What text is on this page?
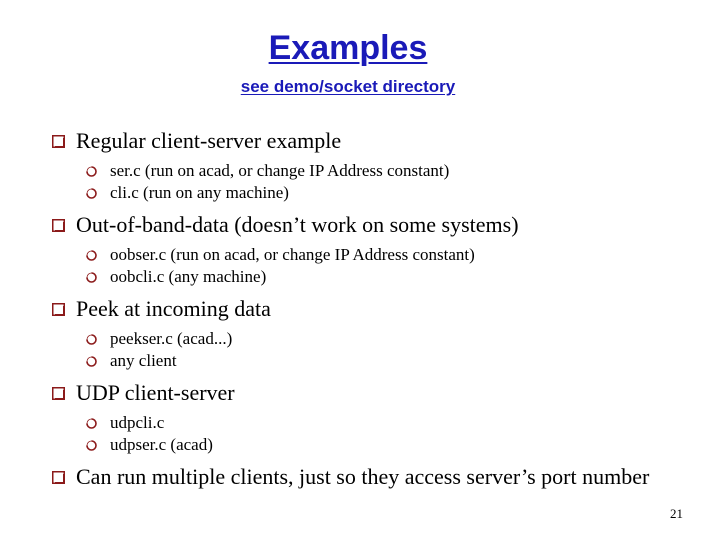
Examples
see demo/socket directory
Regular client-server example
ser.c (run on acad, or change IP Address constant)
cli.c (run on any machine)
Out-of-band-data (doesn’t work on some systems)
oobser.c (run on acad, or change IP Address constant)
oobcli.c (any machine)
Peek at incoming data
peekser.c (acad...)
any client
UDP client-server
udpcli.c
udpser.c (acad)
Can run multiple clients, just so they access server’s port number
21
